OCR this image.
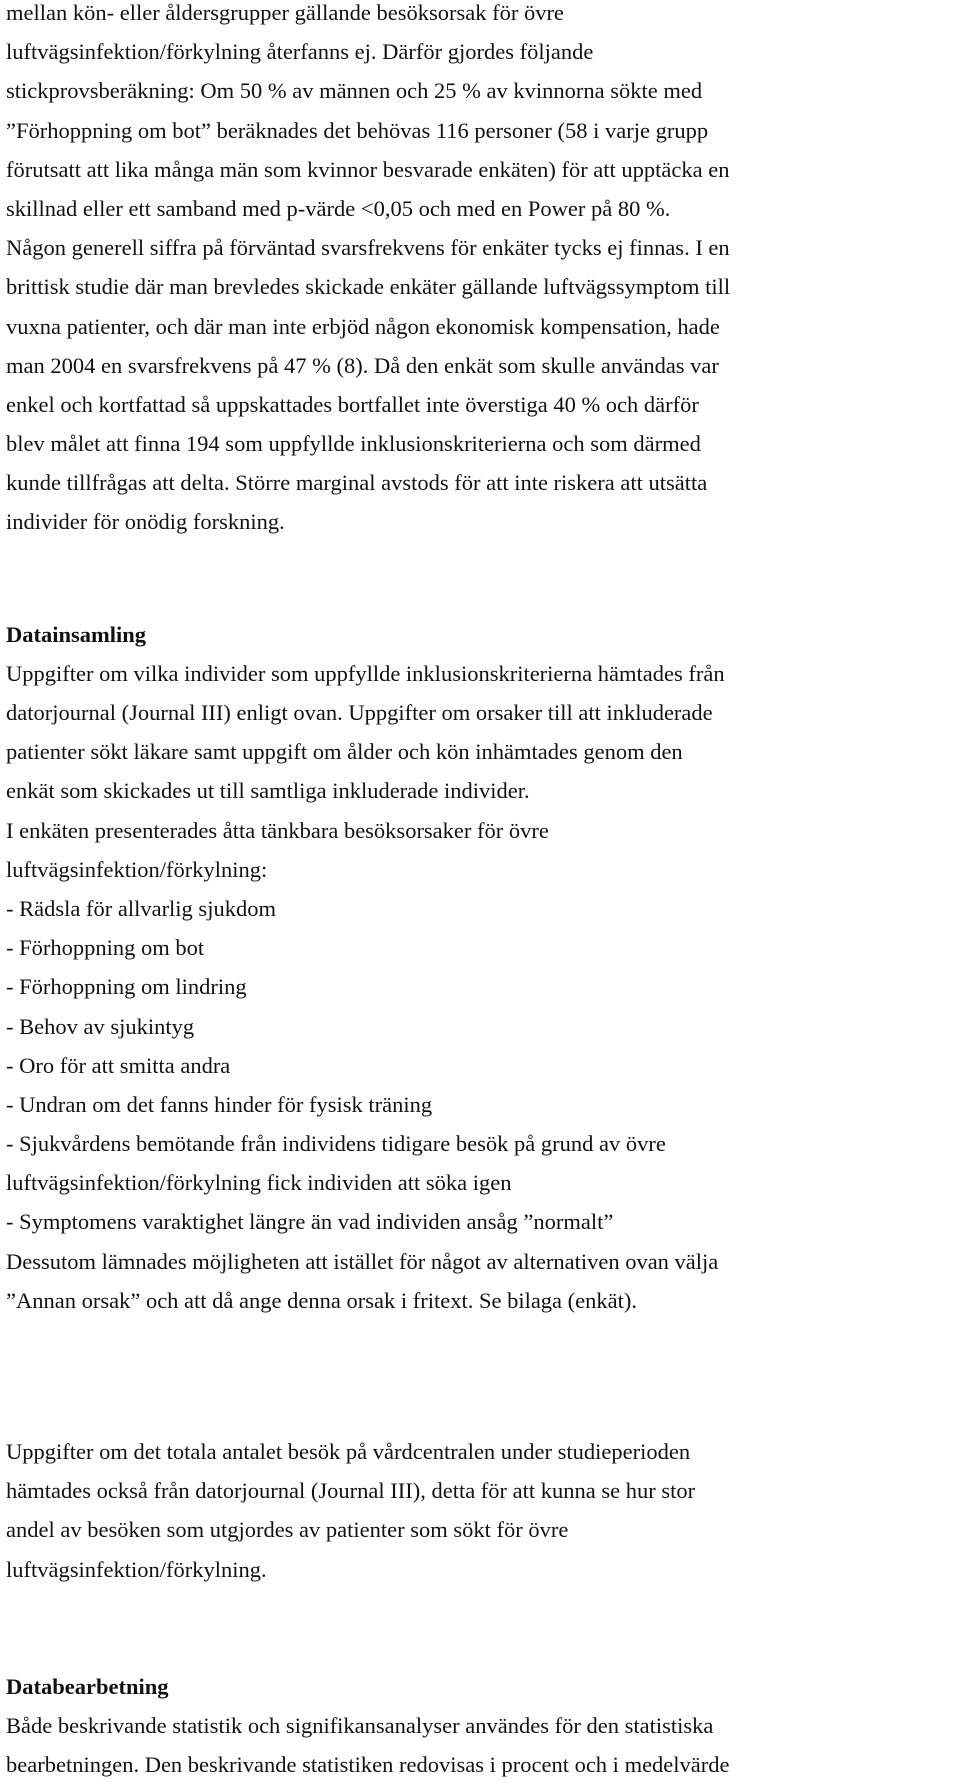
mellan kön- eller åldersgrupper gällande besöksorsak för övre
luftvägsinfektion/förkylning återfanns ej. Därför gjordes följande
stickprovsberäkning: Om 50 % av männen och 25 % av kvinnorna sökte med
”Förhoppning om bot” beräknades det behövas 116 personer (58 i varje grupp
förutsatt att lika många män som kvinnor besvarade enkäten) för att upptäcka en
skillnad eller ett samband med p-värde <0,05 och med en Power på 80 %.
Någon generell siffra på förväntad svarsfrekvens för enkäter tycks ej finnas. I en
brittisk studie där man brevledes skickade enkäter gällande luftvägssymptom till
vuxna patienter, och där man inte erbjöd någon ekonomisk kompensation, hade
man 2004 en svarsfrekvens på 47 % (8). Då den enkät som skulle användas var
enkel och kortfattad så uppskattades bortfallet inte överstiga 40 % och därför
blev målet att finna 194 som uppfyllde inklusionskriterierna och som därmed
kunde tillfrågas att delta. Större marginal avstods för att inte riskera att utsätta
individer för onödig forskning.
Datainsamling
Uppgifter om vilka individer som uppfyllde inklusionskriterierna hämtades från
datorjournal (Journal III) enligt ovan. Uppgifter om orsaker till att inkluderade
patienter sökt läkare samt uppgift om ålder och kön inhämtades genom den
enkät som skickades ut till samtliga inkluderade individer.
I enkäten presenterades åtta tänkbara besöksorsaker för övre
luftvägsinfektion/förkylning:
- Rädsla för allvarlig sjukdom
- Förhoppning om bot
- Förhoppning om lindring
- Behov av sjukintyg
- Oro för att smitta andra
- Undran om det fanns hinder för fysisk träning
- Sjukvårdens bemötande från individens tidigare besök på grund av övre
luftvägsinfektion/förkylning fick individen att söka igen
- Symptomens varaktighet längre än vad individen ansåg ”normalt”
Dessutom lämnades möjligheten att istället för något av alternativen ovan välja
”Annan orsak” och att då ange denna orsak i fritext. Se bilaga (enkät).
Uppgifter om det totala antalet besök på vårdcentralen under studieperioden
hämtades också från datorjournal (Journal III), detta för att kunna se hur stor
andel av besöken som utgjordes av patienter som sökt för övre
luftvägsinfektion/förkylning.
Databearbetning
Både beskrivande statistik och signifikansanalyser användes för den statistiska
bearbetningen. Den beskrivande statistiken redovisas i procent och i medelvärde
